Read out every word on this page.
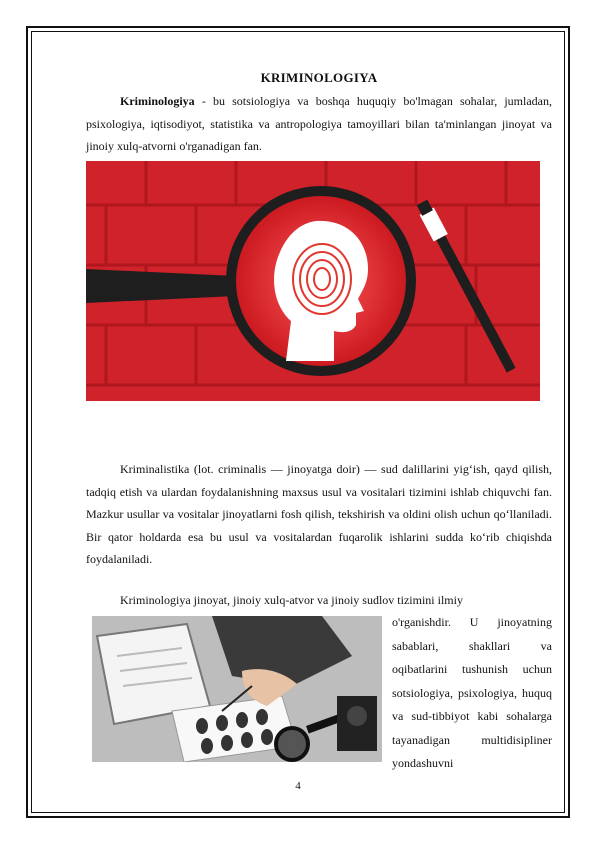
KRIMINOLOGIYA

Kriminologiya - bu sotsiologiya va boshqa huquqiy bo'lmagan sohalar, jumladan, psixologiya, iqtisodiyot, statistika va antropologiya tamoyillari bilan ta'minlangan jinoyat va jinoiy xulq-atvorni o'rganadigan fan.

Kriminalistika (lot. criminalis — jinoyatga doir) — sud dalillarini yig‘ish, qayd qilish, tadqiq etish va ulardan foydalanishning maxsus usul va vositalari tizimini ishlab chiquvchi fan. Mazkur usullar va vositalar jinoyatlarni fosh qilish, tekshirish va oldini olish uchun qo‘llaniladi. Bir qator holdarda esa bu usul va vositalardan fuqarolik ishlarini sudda ko‘rib chiqishda foydalaniladi.

Kriminologiya jinoyat, jinoiy xulq-atvor va jinoiy sudlov tizimini ilmiy

o'rganishdir. U jinoyatning sabablari, shakllari va oqibatlarini tushunish uchun sotsiologiya, psixologiya, huquq va sud-tibbiyot kabi sohalarga tayanadigan multidisipliner yondashuvni

4
